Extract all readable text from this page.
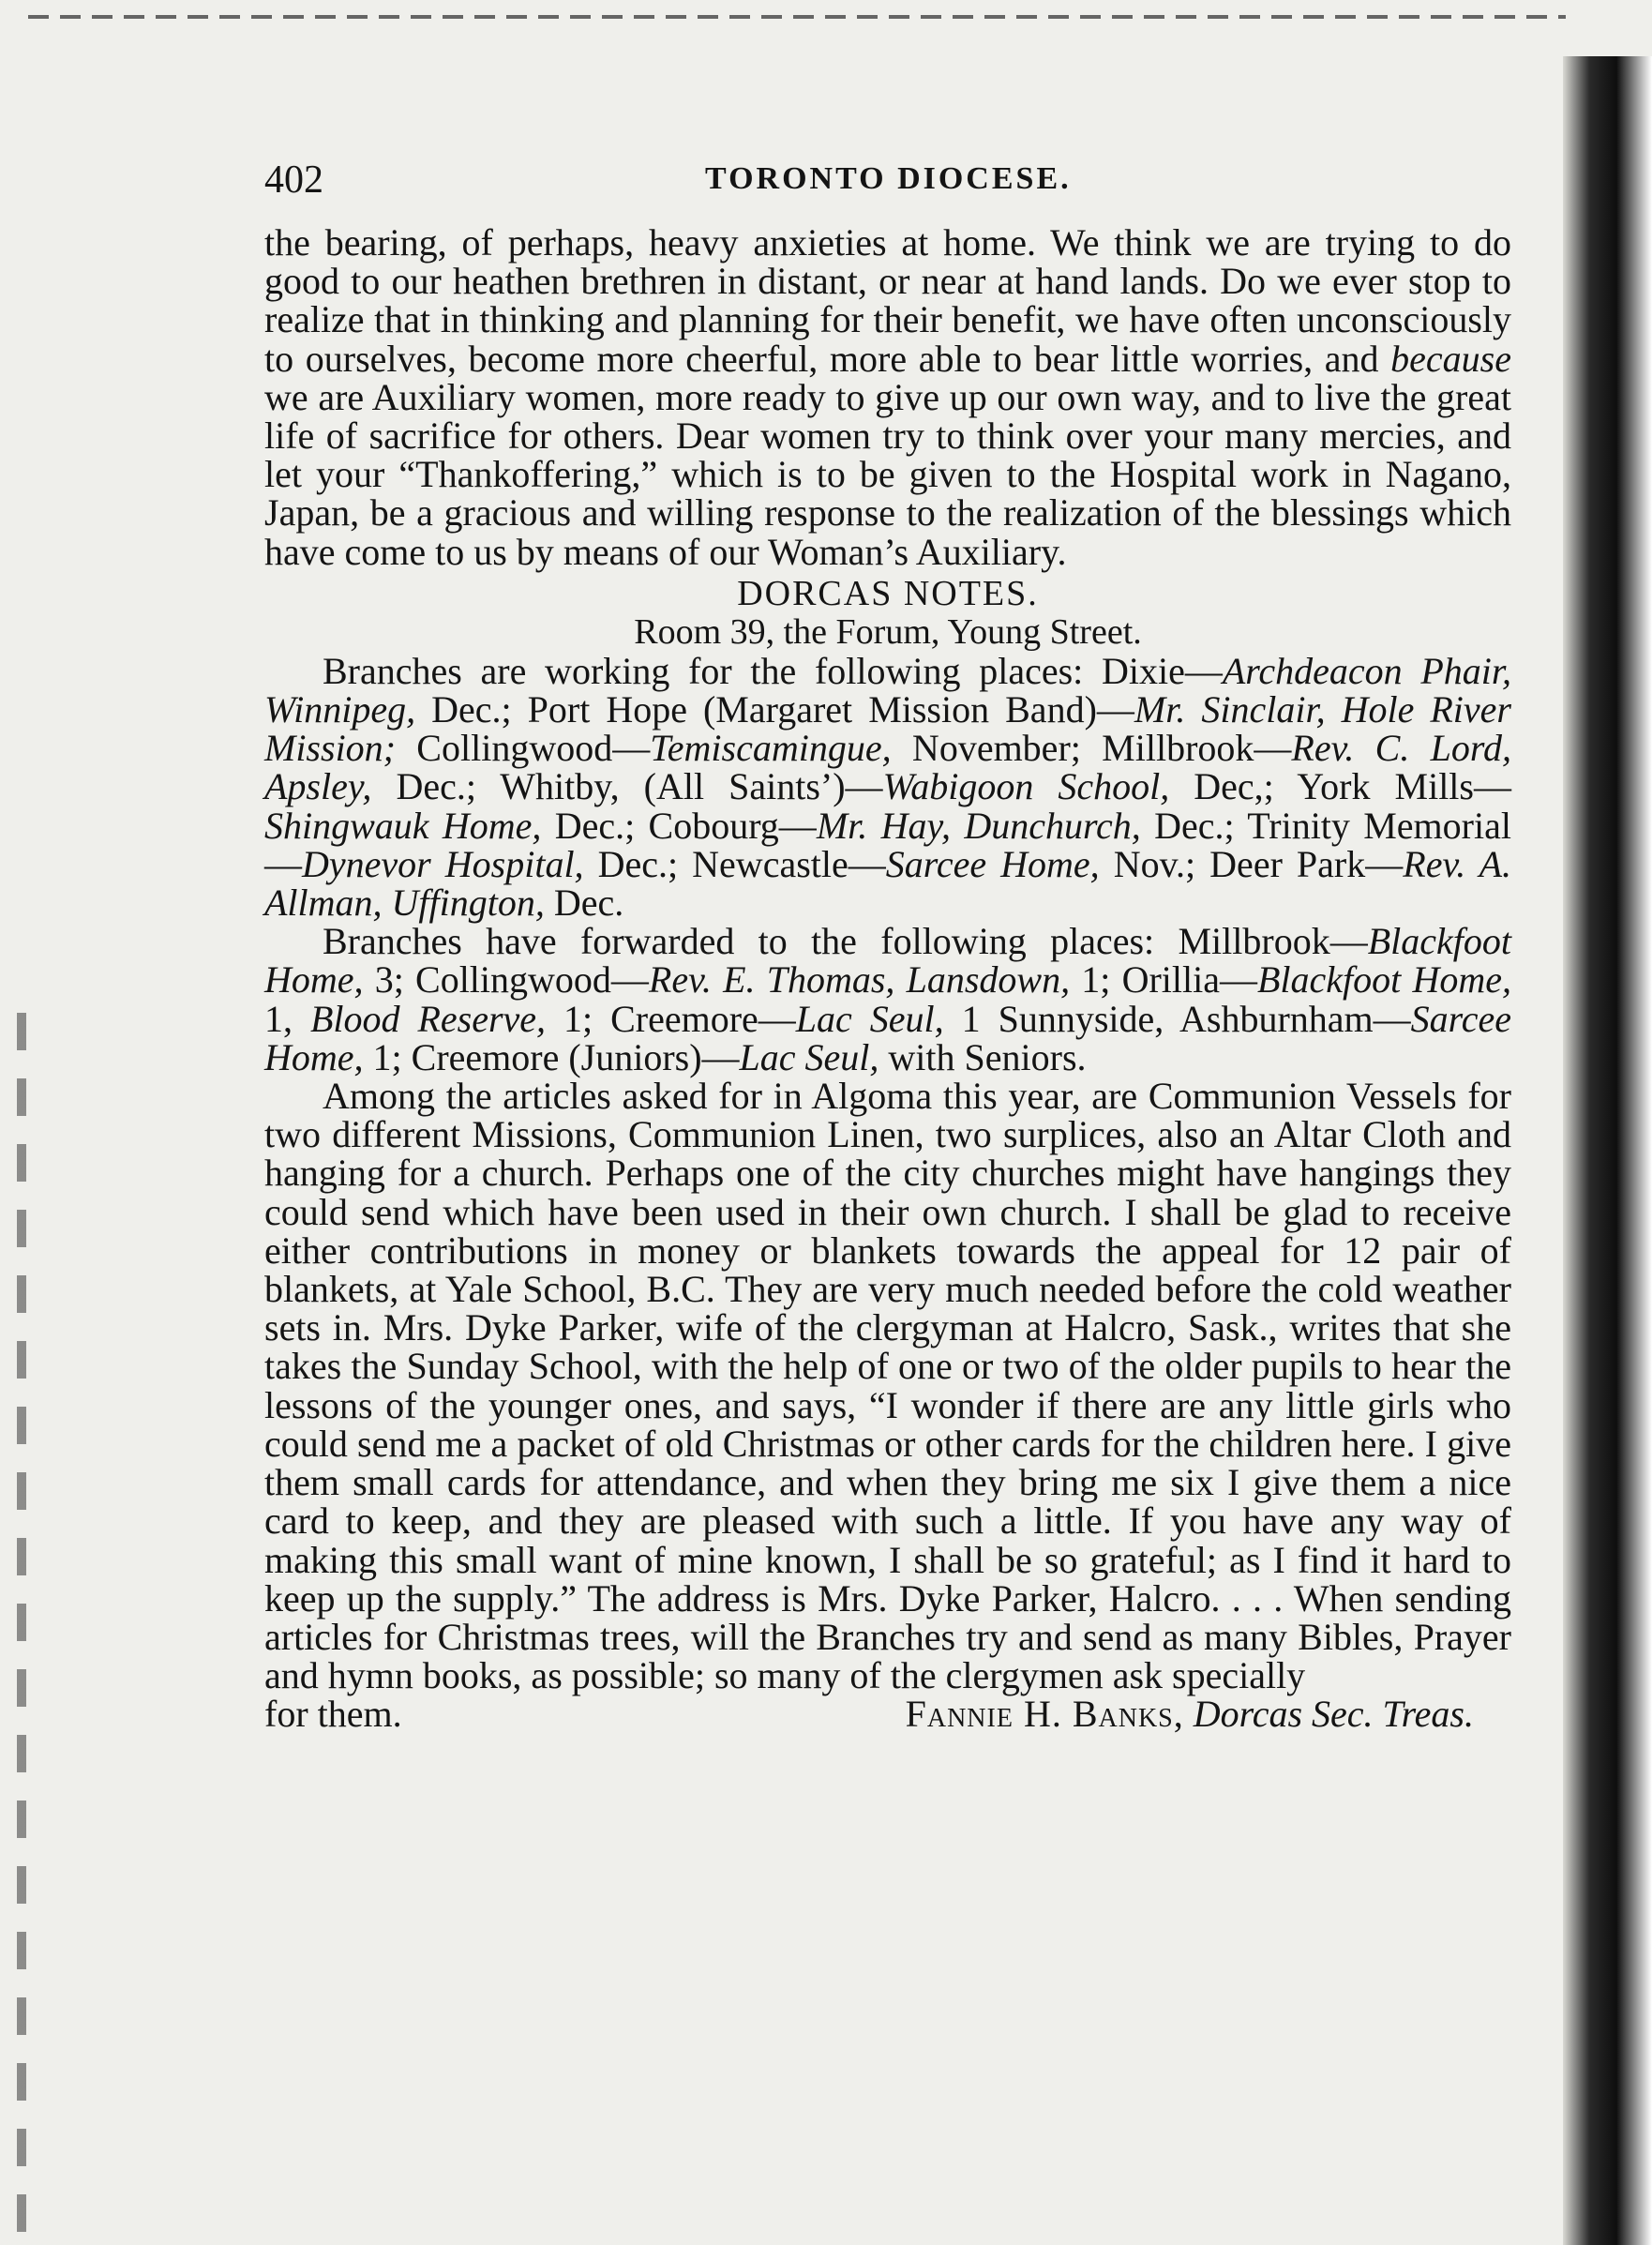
402	TORONTO DIOCESE.

the bearing, of perhaps, heavy anxieties at home. We think we are trying to do good to our heathen brethren in distant, or near at hand lands. Do we ever stop to realize that in thinking and planning for their benefit, we have often unconsciously to ourselves, become more cheerful, more able to bear little worries, and because we are Auxiliary women, more ready to give up our own way, and to live the great life of sacrifice for others. Dear women try to think over your many mercies, and let your “Thankoffering,” which is to be given to the Hospital work in Nagano, Japan, be a gracious and willing response to the realization of the blessings which have come to us by means of our Woman’s Auxiliary.

DORCAS NOTES.

Room 39, the Forum, Young Street.

Branches are working for the following places: Dixie—Archdeacon Phair, Winnipeg, Dec.; Port Hope (Margaret Mission Band)—Mr. Sinclair, Hole River Mission; Collingwood—Temiscamingue, November; Millbrook—Rev. C. Lord, Apsley, Dec.; Whitby, (All Saints’)—Wabigoon School, Dec,; York Mills—Shingwauk Home, Dec.; Cobourg—Mr. Hay, Dunchurch, Dec.; Trinity Memorial—Dynevor Hospital, Dec.; Newcastle—Sarcee Home, Nov.; Deer Park—Rev. A. Allman, Uffington, Dec.

Branches have forwarded to the following places: Millbrook—Blackfoot Home, 3; Collingwood—Rev. E. Thomas, Lansdown, 1; Orillia—Blackfoot Home, 1, Blood Reserve, 1; Creemore—Lac Seul, 1 Sunnyside, Ashburnham—Sarcee Home, 1; Creemore (Juniors)—Lac Seul, with Seniors.

Among the articles asked for in Algoma this year, are Communion Vessels for two different Missions, Communion Linen, two surplices, also an Altar Cloth and hanging for a church. Perhaps one of the city churches might have hangings they could send which have been used in their own church. I shall be glad to receive either contributions in money or blankets towards the appeal for 12 pair of blankets, at Yale School, B.C. They are very much needed before the cold weather sets in. Mrs. Dyke Parker, wife of the clergyman at Halcro, Sask., writes that she takes the Sunday School, with the help of one or two of the older pupils to hear the lessons of the younger ones, and says, “I wonder if there are any little girls who could send me a packet of old Christmas or other cards for the children here. I give them small cards for attendance, and when they bring me six I give them a nice card to keep, and they are pleased with such a little. If you have any way of making this small want of mine known, I shall be so grateful; as I find it hard to keep up the supply.” The address is Mrs. Dyke Parker, Halcro. . . . When sending articles for Christmas trees, will the Branches try and send as many Bibles, Prayer and hymn books, as possible; so many of the clergymen ask specially

for them.	Fannie H. Banks, Dorcas Sec. Treas.
